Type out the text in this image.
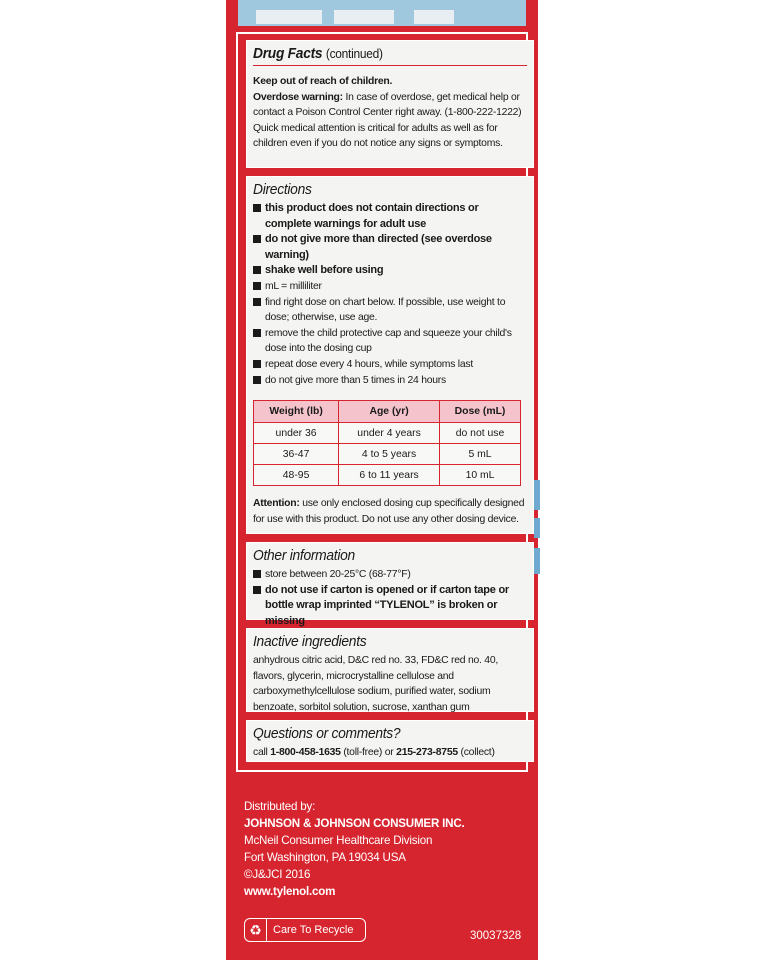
Drug Facts (continued)
Keep out of reach of children.
Overdose warning: In case of overdose, get medical help or contact a Poison Control Center right away. (1-800-222-1222) Quick medical attention is critical for adults as well as for children even if you do not notice any signs or symptoms.
Directions
this product does not contain directions or complete warnings for adult use
do not give more than directed (see overdose warning)
shake well before using
mL = milliliter
find right dose on chart below. If possible, use weight to dose; otherwise, use age.
remove the child protective cap and squeeze your child's dose into the dosing cup
repeat dose every 4 hours, while symptoms last
do not give more than 5 times in 24 hours
Weight (lb)	Age (yr)	Dose (mL)
under 36	under 4 years	do not use
36-47	4 to 5 years	5 mL
48-95	6 to 11 years	10 mL
Attention: use only enclosed dosing cup specifically designed for use with this product. Do not use any other dosing device.
Other information
store between 20-25°C (68-77°F)
do not use if carton is opened or if carton tape or bottle wrap imprinted “TYLENOL” is broken or missing
Inactive ingredients
anhydrous citric acid, D&C red no. 33, FD&C red no. 40, flavors, glycerin, microcrystalline cellulose and carboxymethylcellulose sodium, purified water, sodium benzoate, sorbitol solution, sucrose, xanthan gum
Questions or comments?
call 1-800-458-1635 (toll-free) or 215-273-8755 (collect)
Distributed by:
JOHNSON & JOHNSON CONSUMER INC.
McNeil Consumer Healthcare Division
Fort Washington, PA 19034 USA
©J&JCI 2016
www.tylenol.com
♻	Care To Recycle	30037328
